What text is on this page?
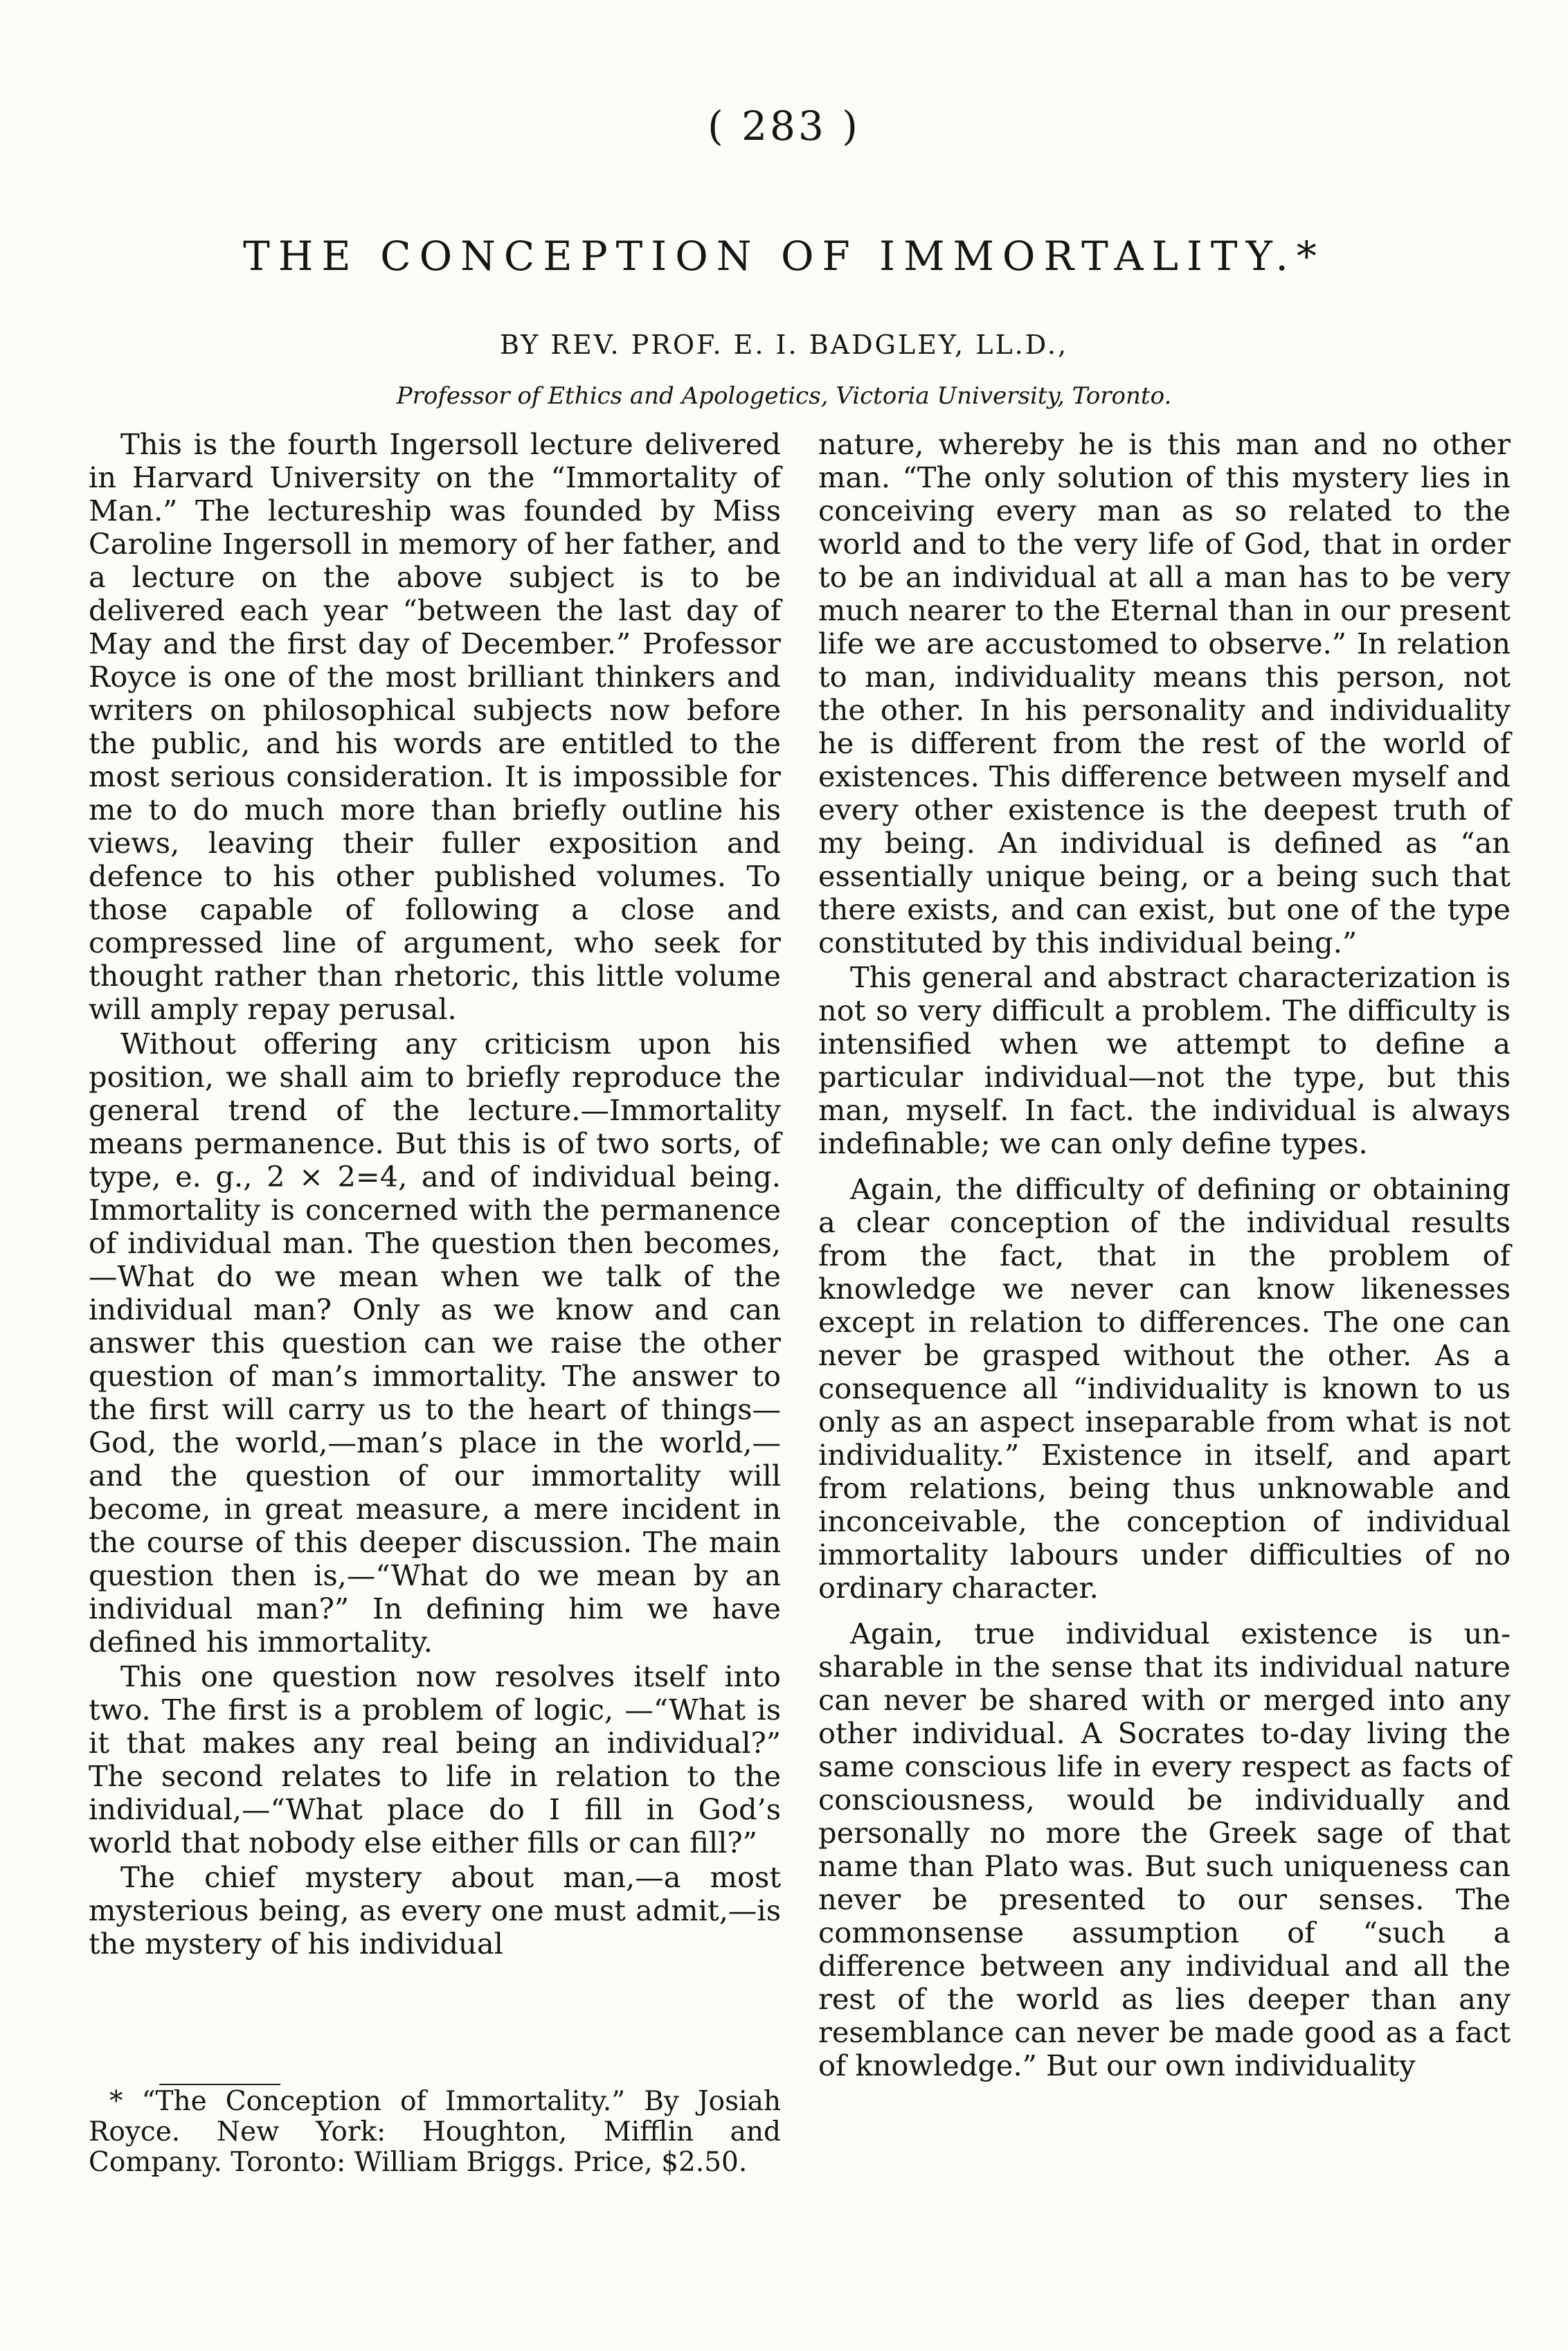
( 283 )
THE CONCEPTION OF IMMORTALITY.*
BY REV. PROF. E. I. BADGLEY, LL.D.,
Professor of Ethics and Apologetics, Victoria University, Toronto.

This is the fourth Ingersoll lecture delivered in Harvard University on the “Immortality of Man.” The lectureship was founded by Miss Caroline Ingersoll in memory of her father, and a lecture on the above subject is to be delivered each year “between the last day of May and the first day of December.” Professor Royce is one of the most brilliant thinkers and writers on philosophical subjects now before the public, and his words are entitled to the most serious consideration. It is impossible for me to do much more than briefly outline his views, leaving their fuller exposition and defence to his other published volumes. To those capable of following a close and compressed line of argument, who seek for thought rather than rhetoric, this little volume will amply repay perusal.

Without offering any criticism upon his position, we shall aim to briefly reproduce the general trend of the lecture.—Immortality means permanence. But this is of two sorts, of type, e. g., 2 × 2=4, and of individual being. Immortality is concerned with the permanence of individual man. The question then becomes,—What do we mean when we talk of the individual man? Only as we know and can answer this question can we raise the other question of man’s immortality. The answer to the first will carry us to the heart of things—God, the world,—man’s place in the world,—and the question of our immortality will become, in great measure, a mere incident in the course of this deeper discussion. The main question then is,—“What do we mean by an individual man?” In defining him we have defined his immortality.

This one question now resolves itself into two. The first is a problem of logic, —“What is it that makes any real being an individual?” The second relates to life in relation to the individual,—“What place do I fill in God’s world that nobody else either fills or can fill?”

The chief mystery about man,—a most mysterious being, as every one must admit,—is the mystery of his individual

* “The Conception of Immortality.” By Josiah Royce. New York: Houghton, Mifflin and Company. Toronto: William Briggs. Price, $2.50.

nature, whereby he is this man and no other man. “The only solution of this mystery lies in conceiving every man as so related to the world and to the very life of God, that in order to be an individual at all a man has to be very much nearer to the Eternal than in our present life we are accustomed to observe.” In relation to man, individuality means this person, not the other. In his personality and individuality he is different from the rest of the world of existences. This difference between myself and every other existence is the deepest truth of my being. An individual is defined as “an essentially unique being, or a being such that there exists, and can exist, but one of the type constituted by this individual being.”

This general and abstract characterization is not so very difficult a problem. The difficulty is intensified when we attempt to define a particular individual—not the type, but this man, myself. In fact. the individual is always indefinable; we can only define types.

Again, the difficulty of defining or obtaining a clear conception of the individual results from the fact, that in the problem of knowledge we never can know likenesses except in relation to differences. The one can never be grasped without the other. As a consequence all “individuality is known to us only as an aspect inseparable from what is not individuality.” Existence in itself, and apart from relations, being thus unknowable and inconceivable, the conception of individual immortality labours under difficulties of no ordinary character.

Again, true individual existence is unsharable in the sense that its individual nature can never be shared with or merged into any other individual. A Socrates to-day living the same conscious life in every respect as facts of consciousness, would be individually and personally no more the Greek sage of that name than Plato was. But such uniqueness can never be presented to our senses. The commonsense assumption of “such a difference between any individual and all the rest of the world as lies deeper than any resemblance can never be made good as a fact of knowledge.” But our own individuality
